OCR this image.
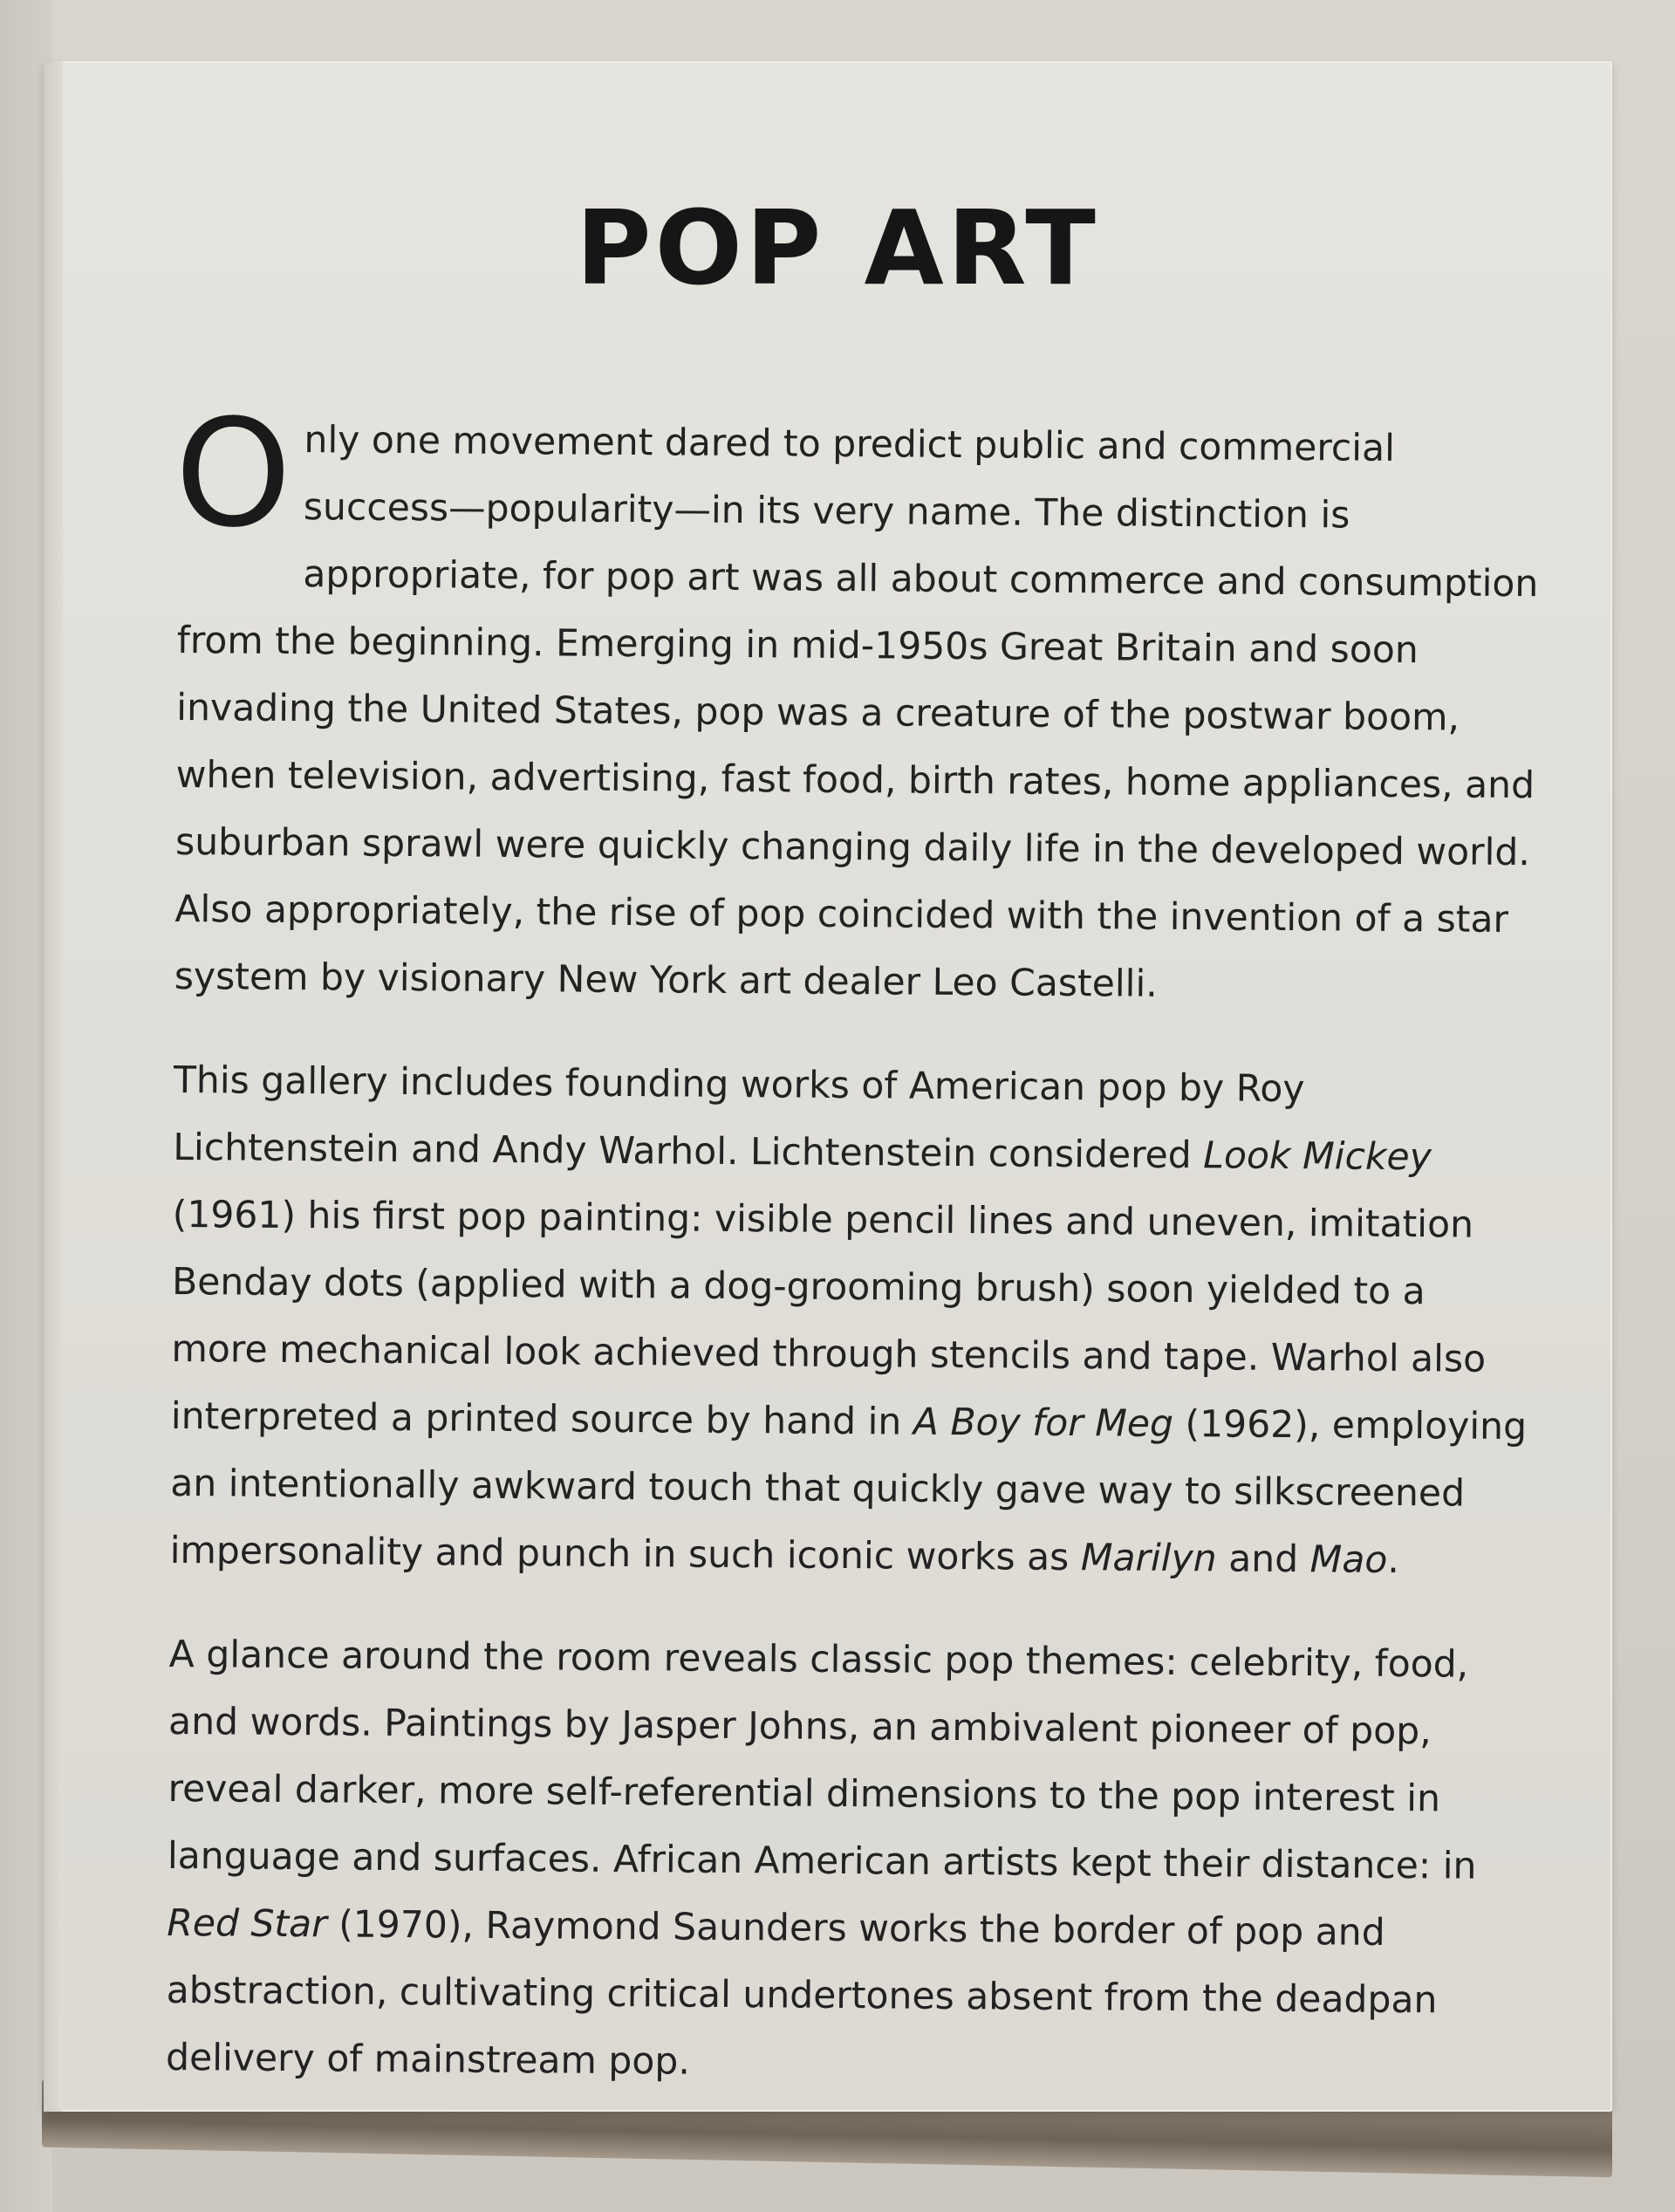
POP ART

Only one movement dared to predict public and commercial success—popularity—in its very name. The distinction is appropriate, for pop art was all about commerce and consumption from the beginning. Emerging in mid-1950s Great Britain and soon invading the United States, pop was a creature of the postwar boom, when television, advertising, fast food, birth rates, home appliances, and suburban sprawl were quickly changing daily life in the developed world. Also appropriately, the rise of pop coincided with the invention of a star system by visionary New York art dealer Leo Castelli.

This gallery includes founding works of American pop by Roy Lichtenstein and Andy Warhol. Lichtenstein considered Look Mickey (1961) his first pop painting: visible pencil lines and uneven, imitation Benday dots (applied with a dog-grooming brush) soon yielded to a more mechanical look achieved through stencils and tape. Warhol also interpreted a printed source by hand in A Boy for Meg (1962), employing an intentionally awkward touch that quickly gave way to silkscreened impersonality and punch in such iconic works as Marilyn and Mao.

A glance around the room reveals classic pop themes: celebrity, food, and words. Paintings by Jasper Johns, an ambivalent pioneer of pop, reveal darker, more self-referential dimensions to the pop interest in language and surfaces. African American artists kept their distance: in Red Star (1970), Raymond Saunders works the border of pop and abstraction, cultivating critical undertones absent from the deadpan delivery of mainstream pop.
